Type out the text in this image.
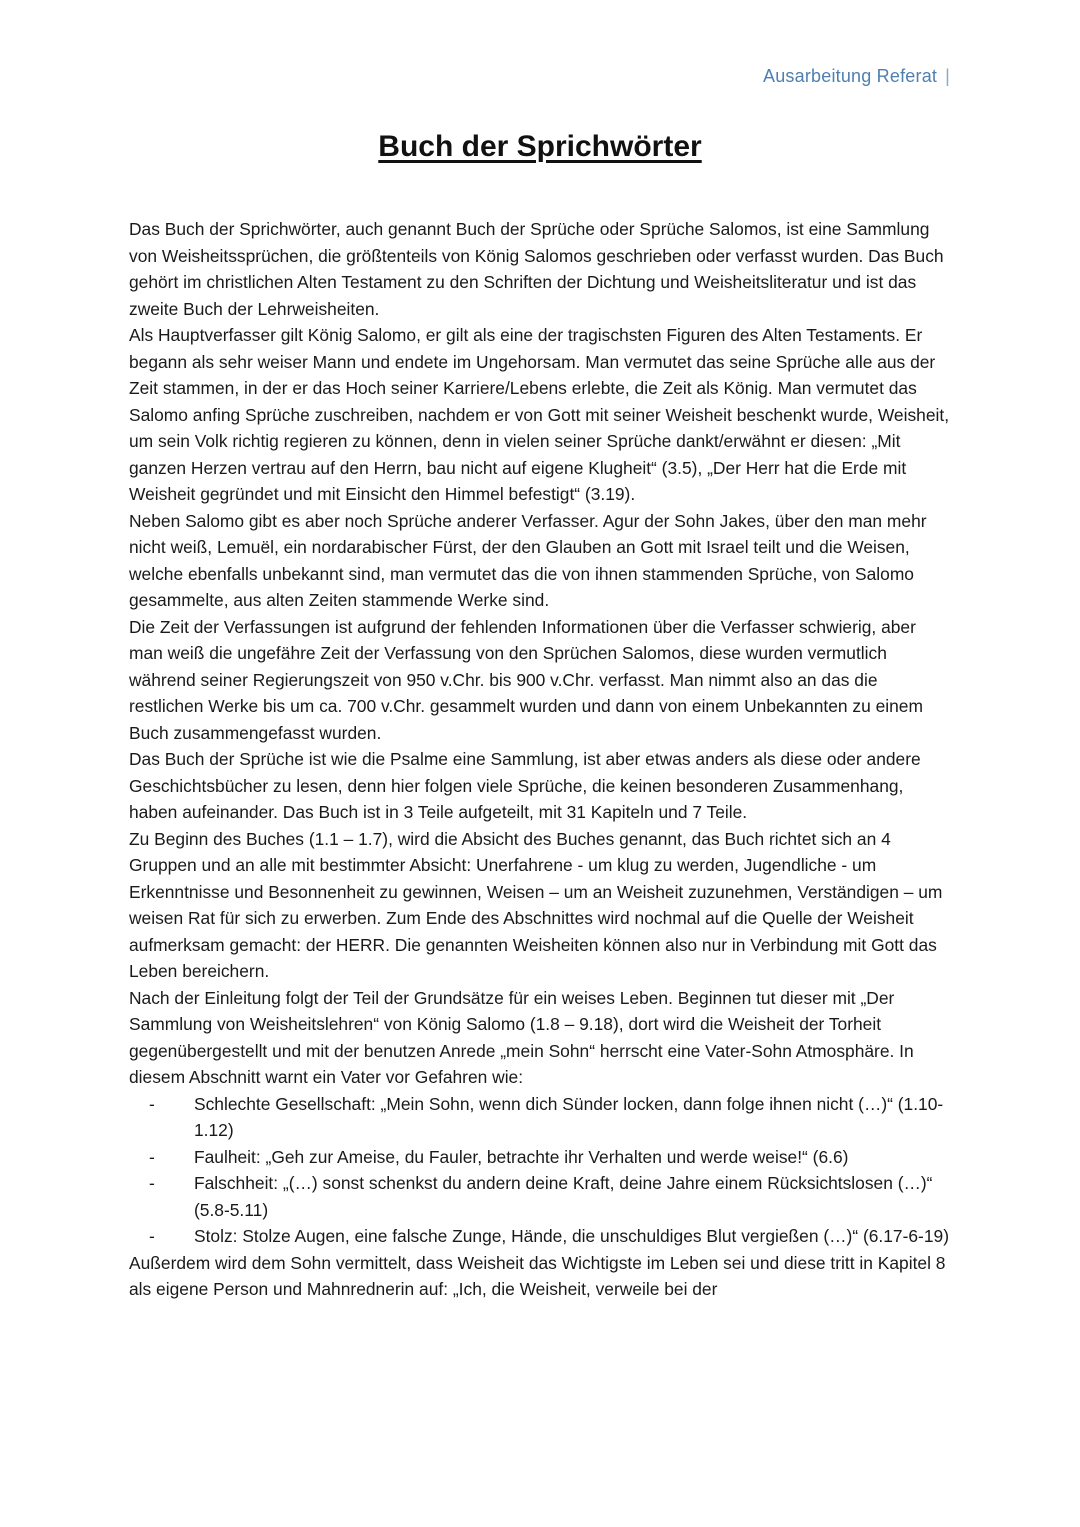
Ausarbeitung Referat |
Buch der Sprichwörter

Das Buch der Sprichwörter, auch genannt Buch der Sprüche oder Sprüche Salomos, ist eine Sammlung von Weisheitssprüchen, die größtenteils von König Salomos geschrieben oder verfasst wurden. Das Buch gehört im christlichen Alten Testament zu den Schriften der Dichtung und Weisheitsliteratur und ist das zweite Buch der Lehrweisheiten.

Als Hauptverfasser gilt König Salomo, er gilt als eine der tragischsten Figuren des Alten Testaments. Er begann als sehr weiser Mann und endete im Ungehorsam. Man vermutet das seine Sprüche alle aus der Zeit stammen, in der er das Hoch seiner Karriere/Lebens erlebte, die Zeit als König. Man vermutet das Salomo anfing Sprüche zuschreiben, nachdem er von Gott mit seiner Weisheit beschenkt wurde, Weisheit, um sein Volk richtig regieren zu können, denn in vielen seiner Sprüche dankt/erwähnt er diesen: „Mit ganzen Herzen vertrau auf den Herrn, bau nicht auf eigene Klugheit“ (3.5), „Der Herr hat die Erde mit Weisheit gegründet und mit Einsicht den Himmel befestigt“ (3.19).

Neben Salomo gibt es aber noch Sprüche anderer Verfasser. Agur der Sohn Jakes, über den man mehr nicht weiß, Lemuël, ein nordarabischer Fürst, der den Glauben an Gott mit Israel teilt und die Weisen, welche ebenfalls unbekannt sind, man vermutet das die von ihnen stammenden Sprüche, von Salomo gesammelte, aus alten Zeiten stammende Werke sind.

Die Zeit der Verfassungen ist aufgrund der fehlenden Informationen über die Verfasser schwierig, aber man weiß die ungefähre Zeit der Verfassung von den Sprüchen Salomos, diese wurden vermutlich während seiner Regierungszeit von 950 v.Chr. bis 900 v.Chr. verfasst. Man nimmt also an das die restlichen Werke bis um ca. 700 v.Chr. gesammelt wurden und dann von einem Unbekannten zu einem Buch zusammengefasst wurden.

Das Buch der Sprüche ist wie die Psalme eine Sammlung, ist aber etwas anders als diese oder andere Geschichtsbücher zu lesen, denn hier folgen viele Sprüche, die keinen besonderen Zusammenhang, haben aufeinander. Das Buch ist in 3 Teile aufgeteilt, mit 31 Kapiteln und 7 Teile.

Zu Beginn des Buches (1.1 – 1.7), wird die Absicht des Buches genannt, das Buch richtet sich an 4 Gruppen und an alle mit bestimmter Absicht: Unerfahrene - um klug zu werden, Jugendliche - um Erkenntnisse und Besonnenheit zu gewinnen, Weisen – um an Weisheit zuzunehmen, Verständigen – um weisen Rat für sich zu erwerben. Zum Ende des Abschnittes wird nochmal auf die Quelle der Weisheit aufmerksam gemacht: der HERR. Die genannten Weisheiten können also nur in Verbindung mit Gott das Leben bereichern.

Nach der Einleitung folgt der Teil der Grundsätze für ein weises Leben. Beginnen tut dieser mit „Der Sammlung von Weisheitslehren“ von König Salomo (1.8 – 9.18), dort wird die Weisheit der Torheit gegenübergestellt und mit der benutzen Anrede „mein Sohn“ herrscht eine Vater-Sohn Atmosphäre. In diesem Abschnitt warnt ein Vater vor Gefahren wie:

- Schlechte Gesellschaft: „Mein Sohn, wenn dich Sünder locken, dann folge ihnen nicht (…)“ (1.10-1.12)
- Faulheit: „Geh zur Ameise, du Fauler, betrachte ihr Verhalten und werde weise!“ (6.6)
- Falschheit: „(…) sonst schenkst du andern deine Kraft, deine Jahre einem Rücksichtslosen (…)“ (5.8-5.11)
- Stolz: Stolze Augen, eine falsche Zunge, Hände, die unschuldiges Blut vergießen (…)“ (6.17-6-19)

Außerdem wird dem Sohn vermittelt, dass Weisheit das Wichtigste im Leben sei und diese tritt in Kapitel 8 als eigene Person und Mahnrednerin auf: „Ich, die Weisheit, verweile bei der
